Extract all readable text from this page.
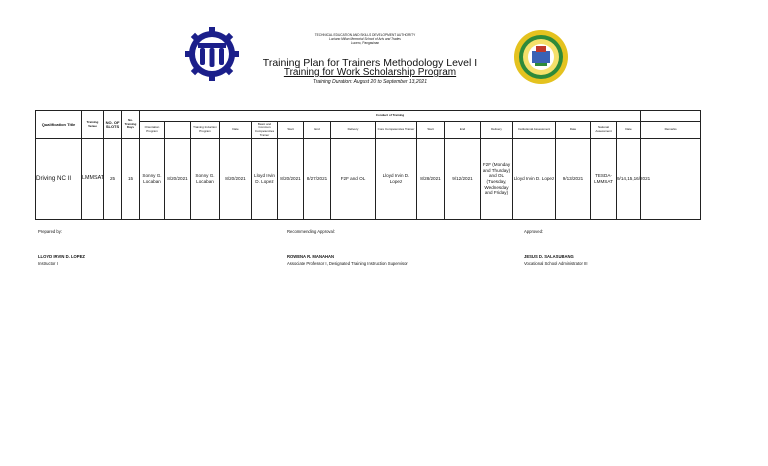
TECHNICAL EDUCATION AND SKILLS DEVELOPMENT AUTHORITY
Luciano Millan Memorial School of Arts and Trades
Lucero, Pangasinan
Training Plan for Trainers Methodology Level I
Training for Work Scholarship Program
Training Duration: August 20 to September 13,2021
Qualification Title	Training Venue	NO. OF SLOTS	No. Training Days	Conduct of Training																
				Orientation Program		Training Induction Program	Date	Basic and Common Competencies Trainer	Start	End	Delivery	Core Competencies Trainer	Start	End	Delivery	Institutional Assessment	Date	National Assessment	Date	Remarks
Driving NC II	LMMSAT	25	15	Sonny G. Locaban	8/20/2021	Sonny G. Locaban	8/20/2021	Lloyd Irvin D. Lopez	8/20/2021	8/27/2021	F2F and OL	Lloyd Irvin D. Lopez	8/28/2021	9/12/2021	F2F (Monday and Thurday) and OL (Tuesday, Wednesday and Friday)	Lloyd Irvin D. Lopez	9/13/2021	TESDA-LMMSAT	9/14,15,16/2021	
Prepared by:	Recommending Approval:	Approved:
LLOYD IRVIN D. LOPEZ
Instructor I
ROWENA R. MANAHAN
Associate Professor I, Designated Training Instruction Supervisor
JESUS D. SALASUBANG
Vocational School Administrator III
